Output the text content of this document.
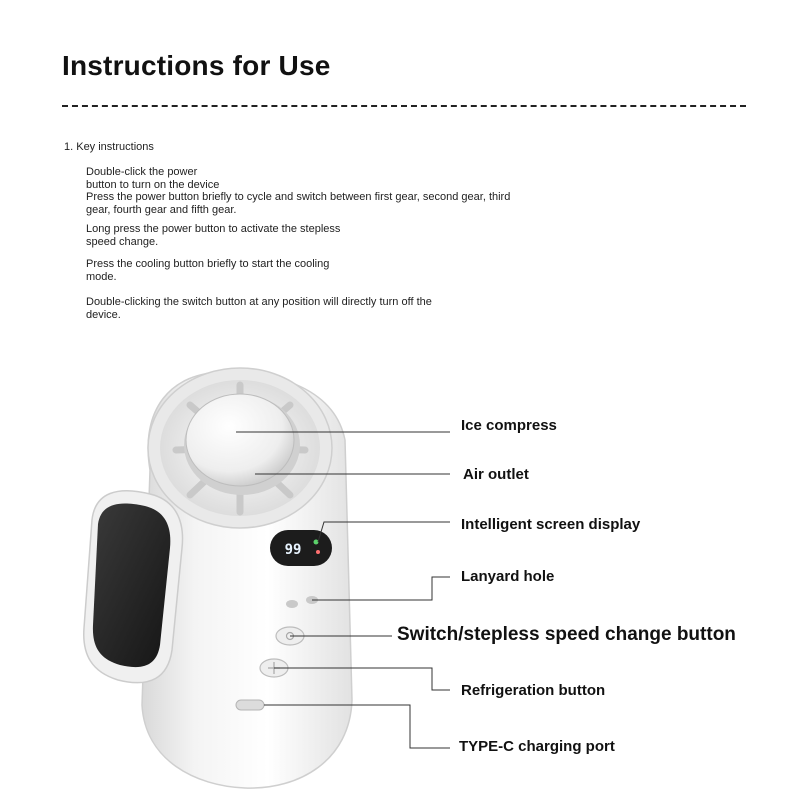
Instructions for Use
1. Key instructions
Double-click the power
button to turn on the device
Press the power button briefly to cycle and switch between first gear, second gear, third
gear, fourth gear and fifth gear.
Long press the power button to activate the stepless
speed change.
Press the cooling button briefly to start the cooling
mode.
Double-clicking the switch button at any position will directly turn off the
device.
99
Ice compress
Air outlet
Intelligent screen display
Lanyard hole
Switch/stepless speed change button
Refrigeration button
TYPE-C charging port
